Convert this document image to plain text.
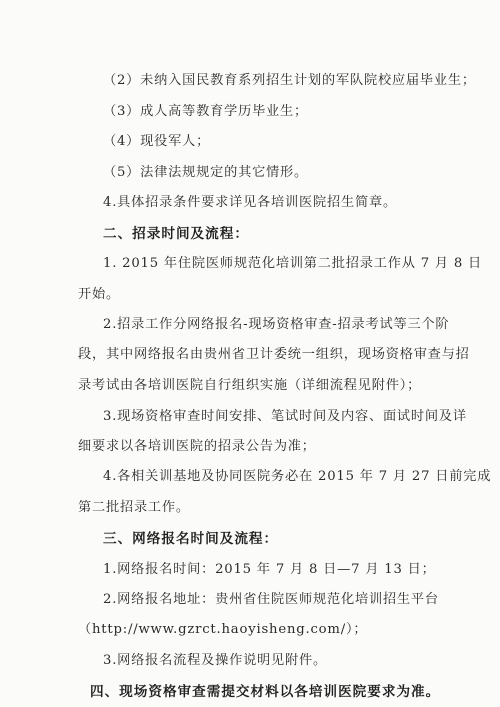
（2）未纳入国民教育系列招生计划的军队院校应届毕业生；
（3）成人高等教育学历毕业生；
（4）现役军人；
（5）法律法规规定的其它情形。
4.具体招录条件要求详见各培训医院招生简章。
二、招录时间及流程：
1. 2015 年住院医师规范化培训第二批招录工作从 7 月 8 日
开始。
2.招录工作分网络报名-现场资格审查-招录考试等三个阶
段，其中网络报名由贵州省卫计委统一组织，现场资格审查与招
录考试由各培训医院自行组织实施（详细流程见附件）；
3.现场资格审查时间安排、笔试时间及内容、面试时间及详
细要求以各培训医院的招录公告为准；
4.各相关训基地及协同医院务必在 2015 年 7 月 27 日前完成
第二批招录工作。
三、网络报名时间及流程：
1.网络报名时间：2015 年 7 月 8 日—7 月 13 日；
2.网络报名地址：贵州省住院医师规范化培训招生平台
（http://www.gzrct.haoyisheng.com/）；
3.网络报名流程及操作说明见附件。
四、现场资格审查需提交材料以各培训医院要求为准。
